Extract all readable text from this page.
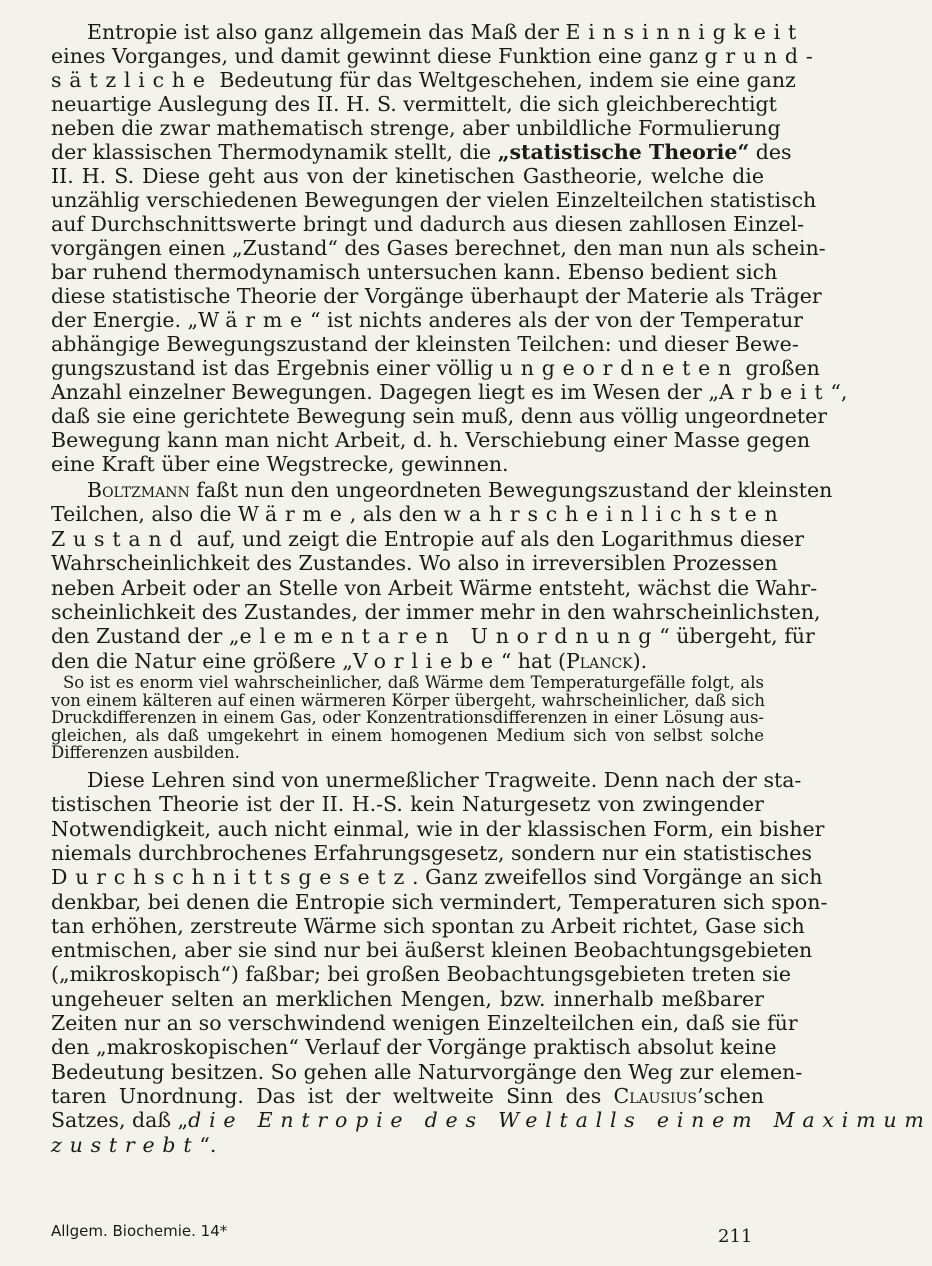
Entropie ist also ganz allgemein das Maß der Einsinnigkeit
eines Vorganges, und damit gewinnt diese Funktion eine ganz grund-
sätzliche Bedeutung für das Weltgeschehen, indem sie eine ganz
neuartige Auslegung des II. H. S. vermittelt, die sich gleichberechtigt
neben die zwar mathematisch strenge, aber unbildliche Formulierung
der klassischen Thermodynamik stellt, die „statistische Theorie“ des
II. H. S. Diese geht aus von der kinetischen Gastheorie, welche die
unzählig verschiedenen Bewegungen der vielen Einzelteilchen statistisch
auf Durchschnittswerte bringt und dadurch aus diesen zahllosen Einzel-
vorgängen einen „Zustand“ des Gases berechnet, den man nun als schein-
bar ruhend thermodynamisch untersuchen kann. Ebenso bedient sich
diese statistische Theorie der Vorgänge überhaupt der Materie als Träger
der Energie. „Wärme“ ist nichts anderes als der von der Temperatur
abhängige Bewegungszustand der kleinsten Teilchen: und dieser Bewe-
gungszustand ist das Ergebnis einer völlig ungeordneten großen
Anzahl einzelner Bewegungen. Dagegen liegt es im Wesen der „Arbeit“,
daß sie eine gerichtete Bewegung sein muß, denn aus völlig ungeordneter
Bewegung kann man nicht Arbeit, d. h. Verschiebung einer Masse gegen
eine Kraft über eine Wegstrecke, gewinnen.
Boltzmann faßt nun den ungeordneten Bewegungszustand der kleinsten
Teilchen, also die Wärme, als den wahrscheinlichsten
Zustand auf, und zeigt die Entropie auf als den Logarithmus dieser
Wahrscheinlichkeit des Zustandes. Wo also in irreversiblen Prozessen
neben Arbeit oder an Stelle von Arbeit Wärme entsteht, wächst die Wahr-
scheinlichkeit des Zustandes, der immer mehr in den wahrscheinlichsten,
den Zustand der „elementaren Unordnung“ übergeht, für
den die Natur eine größere „Vorliebe“ hat (Planck).
So ist es enorm viel wahrscheinlicher, daß Wärme dem Temperaturgefälle folgt, als
von einem kälteren auf einen wärmeren Körper übergeht, wahrscheinlicher, daß sich
Druckdifferenzen in einem Gas, oder Konzentrationsdifferenzen in einer Lösung aus-
gleichen, als daß umgekehrt in einem homogenen Medium sich von selbst solche
Differenzen ausbilden.
Diese Lehren sind von unermeßlicher Tragweite. Denn nach der sta-
tistischen Theorie ist der II. H.-S. kein Naturgesetz von zwingender
Notwendigkeit, auch nicht einmal, wie in der klassischen Form, ein bisher
niemals durchbrochenes Erfahrungsgesetz, sondern nur ein statistisches
Durchschnittsgesetz. Ganz zweifellos sind Vorgänge an sich
denkbar, bei denen die Entropie sich vermindert, Temperaturen sich spon-
tan erhöhen, zerstreute Wärme sich spontan zu Arbeit richtet, Gase sich
entmischen, aber sie sind nur bei äußerst kleinen Beobachtungsgebieten
(„mikroskopisch“) faßbar; bei großen Beobachtungsgebieten treten sie
ungeheuer selten an merklichen Mengen, bzw. innerhalb meßbarer
Zeiten nur an so verschwindend wenigen Einzelteilchen ein, daß sie für
den „makroskopischen“ Verlauf der Vorgänge praktisch absolut keine
Bedeutung besitzen. So gehen alle Naturvorgänge den Weg zur elemen-
taren Unordnung. Das ist der weltweite Sinn des Clausius’schen
Satzes, daß „die Entropie des Weltalls einem Maximum
zustrebt“.
Allgem. Biochemie. 14*	211
